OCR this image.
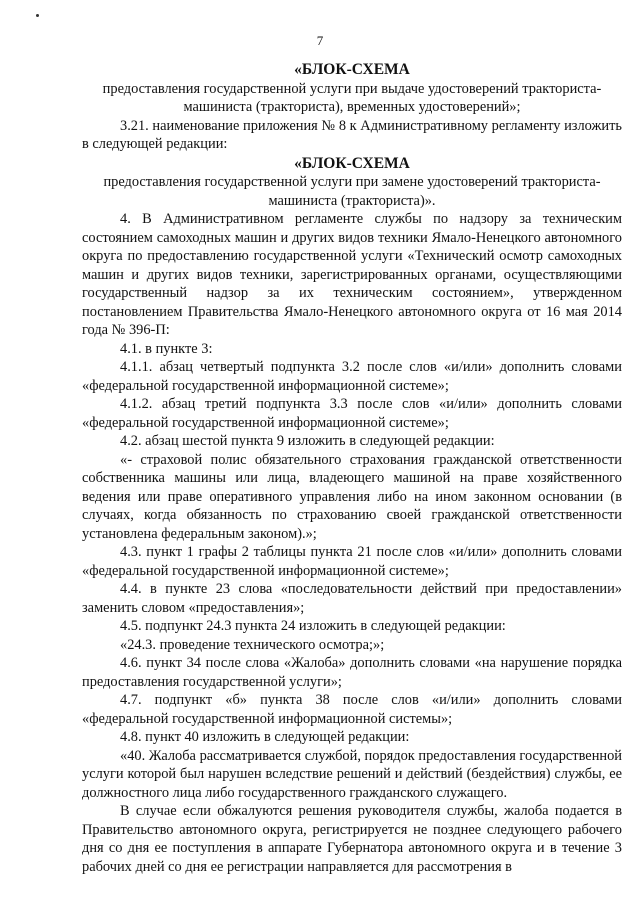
7

«БЛОК-СХЕМА

предоставления государственной услуги при выдаче удостоверений тракториста-машиниста (тракториста), временных удостоверений»;

3.21. наименование приложения № 8 к Административному регламенту изложить в следующей редакции:

«БЛОК-СХЕМА

предоставления государственной услуги при замене удостоверений тракториста-машиниста (тракториста)».

4. В Административном регламенте службы по надзору за техническим состоянием самоходных машин и других видов техники Ямало-Ненецкого автономного округа по предоставлению государственной услуги «Технический осмотр самоходных машин и других видов техники, зарегистрированных органами, осуществляющими государственный надзор за их техническим состоянием», утвержденном постановлением Правительства Ямало-Ненецкого автономного округа от 16 мая 2014 года № 396-П:

4.1. в пункте 3:

4.1.1. абзац четвертый подпункта 3.2 после слов «и/или» дополнить словами «федеральной государственной информационной системе»;

4.1.2. абзац третий подпункта 3.3 после слов «и/или» дополнить словами «федеральной государственной информационной системе»;

4.2. абзац шестой пункта 9 изложить в следующей редакции:

«- страховой полис обязательного страхования гражданской ответственности собственника машины или лица, владеющего машиной на праве хозяйственного ведения или праве оперативного управления либо на ином законном основании (в случаях, когда обязанность по страхованию своей гражданской ответственности установлена федеральным законом).»;

4.3. пункт 1 графы 2 таблицы пункта 21 после слов «и/или» дополнить словами «федеральной государственной информационной системе»;

4.4. в пункте 23 слова «последовательности действий при предоставлении» заменить словом «предоставления»;

4.5. подпункт 24.3 пункта 24 изложить в следующей редакции:

«24.3. проведение технического осмотра;»;

4.6. пункт 34 после слова «Жалоба» дополнить словами «на нарушение порядка предоставления государственной услуги»;

4.7. подпункт «б» пункта 38 после слов «и/или» дополнить словами «федеральной государственной информационной системы»;

4.8. пункт 40 изложить в следующей редакции:

«40. Жалоба рассматривается службой, порядок предоставления государственной услуги которой был нарушен вследствие решений и действий (бездействия) службы, ее должностного лица либо государственного гражданского служащего.

В случае если обжалуются решения руководителя службы, жалоба подается в Правительство автономного округа, регистрируется не позднее следующего рабочего дня со дня ее поступления в аппарате Губернатора автономного округа и в течение 3 рабочих дней со дня ее регистрации направляется для рассмотрения в
